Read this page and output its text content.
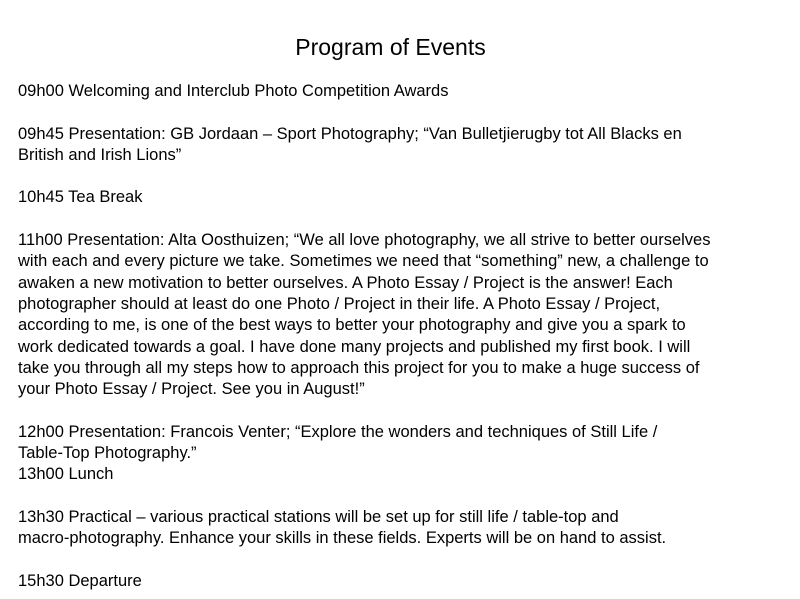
Program of Events
09h00 Welcoming and Interclub Photo Competition Awards
09h45 Presentation: GB Jordaan – Sport Photography; “Van Bulletjierugby tot All Blacks en
British and Irish Lions”
10h45 Tea Break
11h00 Presentation: Alta Oosthuizen; “We all love photography, we all strive to better ourselves
with each and every picture we take. Sometimes we need that “something” new, a challenge to
awaken a new motivation to better ourselves. A Photo Essay / Project is the answer! Each
photographer should at least do one Photo / Project in their life. A Photo Essay / Project,
according to me, is one of the best ways to better your photography and give you a spark to
work dedicated towards a goal. I have done many projects and published my first book. I will
take you through all my steps how to approach this project for you to make a huge success of
your Photo Essay / Project. See you in August!”
12h00 Presentation: Francois Venter; “Explore the wonders and techniques of Still Life /
Table-Top Photography.”
13h00 Lunch
13h30 Practical – various practical stations will be set up for still life / table-top and
macro-photography. Enhance your skills in these fields. Experts will be on hand to assist.
15h30 Departure
